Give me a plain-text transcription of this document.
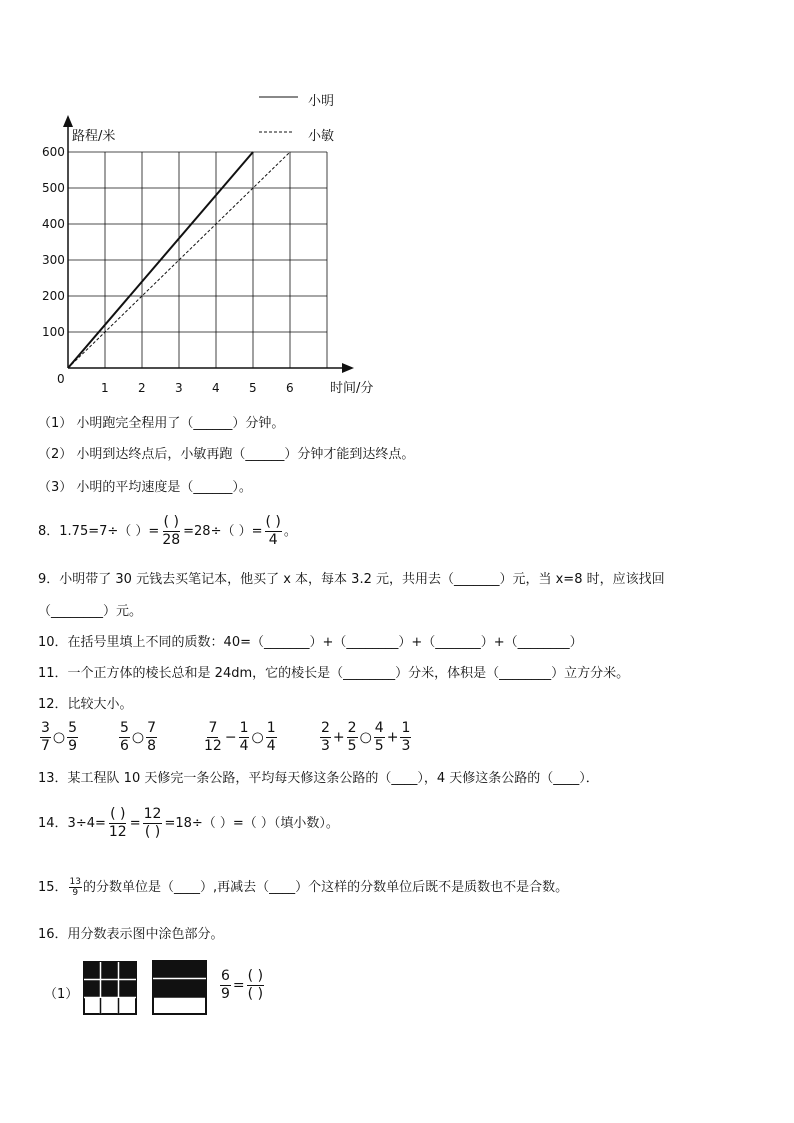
1 2 3 4 5 6
100
200
300
400
500
600
小明
小敏
路程/米
时间/分
0
（1） 小明跑完全程用了（______）分钟。
（2） 小明到达终点后，小敏再跑（______）分钟才能到达终点。
（3） 小明的平均速度是（______）。
8．1.75=7÷（ ）= $\frac{( )}{28} =28\div$（ ）= $\frac{( )}{4}$ 。
9．小明带了 30 元钱去买笔记本，他买了 x 本，每本 3.2 元，共用去（_______）元，当 x=8 时，应该找回
（________）元。
10．在括号里填上不同的质数：40=（_______）+（________）+（_______）+（________）
11．一个正方体的棱长总和是 24dm，它的棱长是（________）分米，体积是（________）立方分米。
12．比较大小。
$\frac{3}{7}$ ○ $\frac{5}{9}$	$\frac{5}{6}$ ○ $\frac{7}{8}$	$\frac{7}{12} - \frac{1}{4}$ ○ $\frac{1}{4}$	$\frac{2}{3} + \frac{2}{5}$ ○ $\frac{4}{5} + \frac{1}{3}$
13．某工程队 10 天修完一条公路，平均每天修这条公路的（____），4 天修这条公路的（____）．
14．$3\div 4= \frac{( )}{12} = \frac{12}{( )} =18\div$（ ）=（ ）（填小数）。
15． $\frac{13}{9}$ 的分数单位是（____）,再减去（____）个这样的分数单位后既不是质数也不是合数。
16．用分数表示图中涂色部分。
（1）	$\frac{6}{9} = \frac{( )}{( )}$
